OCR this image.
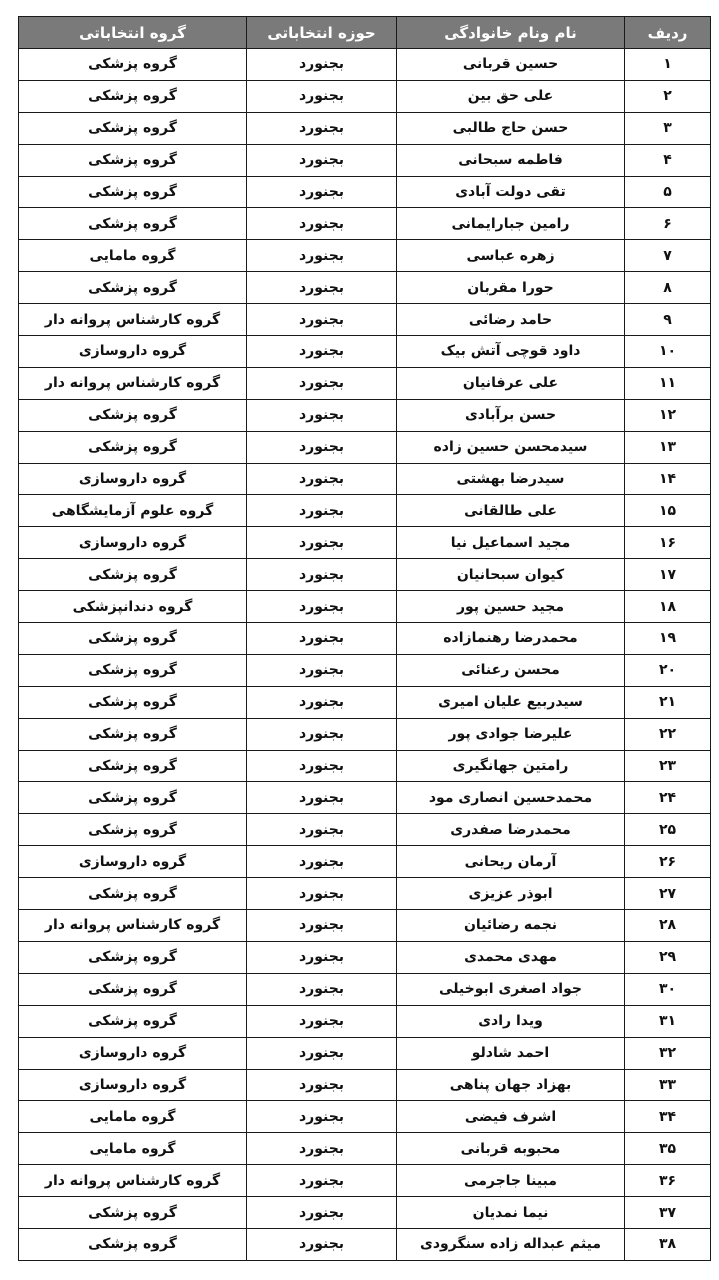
ردیف	نام ونام خانوادگی	حوزه انتخاباتی	گروه انتخاباتی
۱	حسین قربانی	بجنورد	گروه پزشکی
۲	علی حق بین	بجنورد	گروه پزشکی
۳	حسن حاج طالبی	بجنورد	گروه پزشکی
۴	فاطمه سبحانی	بجنورد	گروه پزشکی
۵	تقی دولت آبادی	بجنورد	گروه پزشکی
۶	رامین جبارایمانی	بجنورد	گروه پزشکی
۷	زهره عباسی	بجنورد	گروه مامایی
۸	حورا مقربان	بجنورد	گروه پزشکی
۹	حامد رضائی	بجنورد	گروه کارشناس پروانه دار
۱۰	داود قوچی آتش بیک	بجنورد	گروه داروسازی
۱۱	علی عرفانیان	بجنورد	گروه کارشناس پروانه دار
۱۲	حسن برآبادی	بجنورد	گروه پزشکی
۱۳	سیدمحسن حسین زاده	بجنورد	گروه پزشکی
۱۴	سیدرضا بهشتی	بجنورد	گروه داروسازی
۱۵	علی طالقانی	بجنورد	گروه علوم آزمایشگاهی
۱۶	مجید اسماعیل نیا	بجنورد	گروه داروسازی
۱۷	کیوان سبحانیان	بجنورد	گروه پزشکی
۱۸	مجید حسین پور	بجنورد	گروه دندانپزشکی
۱۹	محمدرضا رهنمازاده	بجنورد	گروه پزشکی
۲۰	محسن رعنائی	بجنورد	گروه پزشکی
۲۱	سیدربیع علیان امیری	بجنورد	گروه پزشکی
۲۲	علیرضا جوادی پور	بجنورد	گروه پزشکی
۲۳	رامتین جهانگیری	بجنورد	گروه پزشکی
۲۴	محمدحسین انصاری مود	بجنورد	گروه پزشکی
۲۵	محمدرضا صفدری	بجنورد	گروه پزشکی
۲۶	آرمان ریحانی	بجنورد	گروه داروسازی
۲۷	ابوذر عزیزی	بجنورد	گروه پزشکی
۲۸	نجمه رضائیان	بجنورد	گروه کارشناس پروانه دار
۲۹	مهدی محمدی	بجنورد	گروه پزشکی
۳۰	جواد اصغری ابوخیلی	بجنورد	گروه پزشکی
۳۱	ویدا رادی	بجنورد	گروه پزشکی
۳۲	احمد شادلو	بجنورد	گروه داروسازی
۳۳	بهزاد جهان پناهی	بجنورد	گروه داروسازی
۳۴	اشرف فیضی	بجنورد	گروه مامایی
۳۵	محبوبه قربانی	بجنورد	گروه مامایی
۳۶	مبینا جاجرمی	بجنورد	گروه کارشناس پروانه دار
۳۷	نیما نمدیان	بجنورد	گروه پزشکی
۳۸	میثم عبداله زاده سنگرودی	بجنورد	گروه پزشکی
